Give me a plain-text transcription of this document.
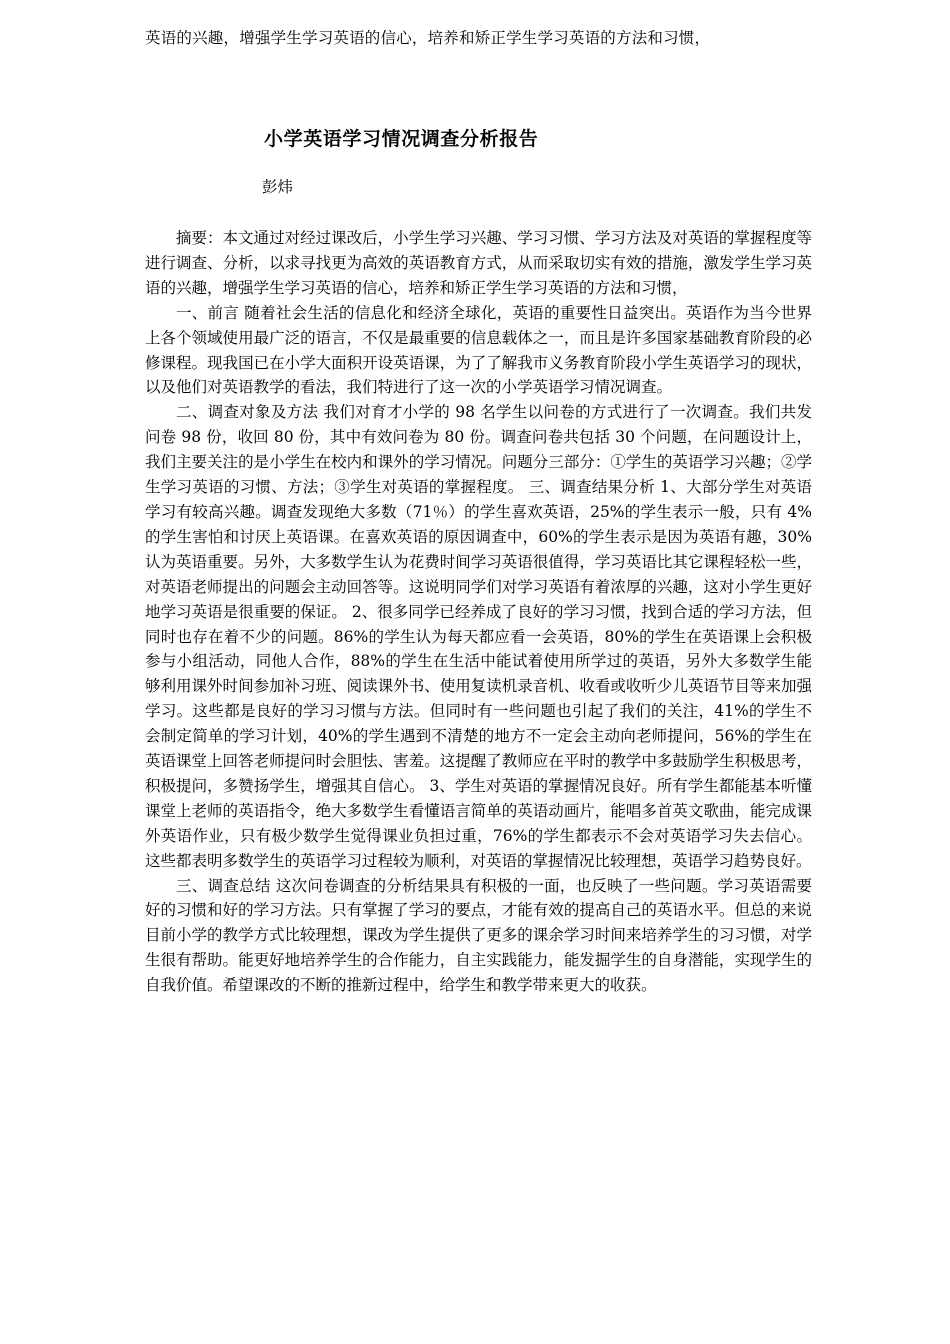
英语的兴趣，增强学生学习英语的信心，培养和矫正学生学习英语的方法和习惯，
小学英语学习情况调查分析报告
彭炜

摘要：本文通过对经过课改后，小学生学习兴趣、学习习惯、学习方法及对英语的掌握程度等进行调查、分析，以求寻找更为高效的英语教育方式，从而采取切实有效的措施，激发学生学习英语的兴趣，增强学生学习英语的信心，培养和矫正学生学习英语的方法和习惯，

一、前言 随着社会生活的信息化和经济全球化，英语的重要性日益突出。英语作为当今世界上各个领域使用最广泛的语言，不仅是最重要的信息载体之一，而且是许多国家基础教育阶段的必修课程。现我国已在小学大面积开设英语课，为了了解我市义务教育阶段小学生英语学习的现状，以及他们对英语教学的看法，我们特进行了这一次的小学英语学习情况调查。

二、调查对象及方法 我们对育才小学的 98 名学生以问卷的方式进行了一次调查。我们共发问卷 98 份，收回 80 份，其中有效问卷为 80 份。调查问卷共包括 30 个问题，在问题设计上，我们主要关注的是小学生在校内和课外的学习情况。问题分三部分：①学生的英语学习兴趣；②学生学习英语的习惯、方法；③学生对英语的掌握程度。 三、调查结果分析 1、大部分学生对英语学习有较高兴趣。调查发现绝大多数（71％）的学生喜欢英语，25%的学生表示一般，只有 4%的学生害怕和讨厌上英语课。在喜欢英语的原因调查中，60%的学生表示是因为英语有趣，30%认为英语重要。另外，大多数学生认为花费时间学习英语很值得，学习英语比其它课程轻松一些，对英语老师提出的问题会主动回答等。这说明同学们对学习英语有着浓厚的兴趣，这对小学生更好地学习英语是很重要的保证。 2、很多同学已经养成了良好的学习习惯，找到合适的学习方法，但同时也存在着不少的问题。86%的学生认为每天都应看一会英语，80%的学生在英语课上会积极参与小组活动，同他人合作，88%的学生在生活中能试着使用所学过的英语，另外大多数学生能够利用课外时间参加补习班、阅读课外书、使用复读机录音机、收看或收听少儿英语节目等来加强学习。这些都是良好的学习习惯与方法。但同时有一些问题也引起了我们的关注，41%的学生不会制定简单的学习计划，40%的学生遇到不清楚的地方不一定会主动向老师提问，56%的学生在英语课堂上回答老师提问时会胆怯、害羞。这提醒了教师应在平时的教学中多鼓励学生积极思考，积极提问，多赞扬学生，增强其自信心。 3、学生对英语的掌握情况良好。所有学生都能基本听懂课堂上老师的英语指令，绝大多数学生看懂语言简单的英语动画片，能唱多首英文歌曲，能完成课外英语作业，只有极少数学生觉得课业负担过重，76%的学生都表示不会对英语学习失去信心。这些都表明多数学生的英语学习过程较为顺利，对英语的掌握情况比较理想，英语学习趋势良好。

三、调查总结 这次问卷调查的分析结果具有积极的一面，也反映了一些问题。学习英语需要好的习惯和好的学习方法。只有掌握了学习的要点，才能有效的提高自己的英语水平。但总的来说目前小学的教学方式比较理想，课改为学生提供了更多的课余学习时间来培养学生的习习惯，对学生很有帮助。能更好地培养学生的合作能力，自主实践能力，能发掘学生的自身潜能，实现学生的自我价值。希望课改的不断的推新过程中，给学生和教学带来更大的收获。
